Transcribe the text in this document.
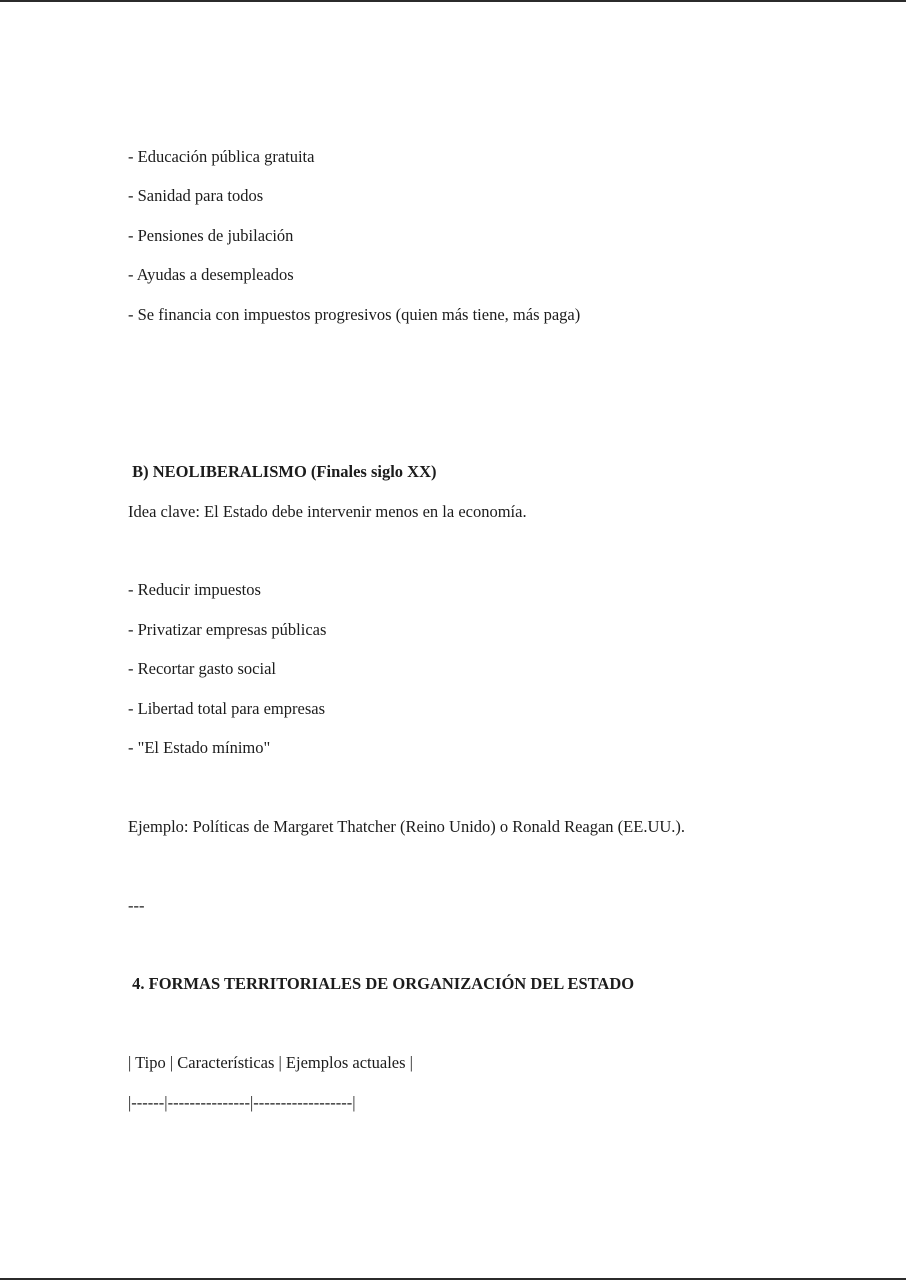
- Educación pública gratuita

- Sanidad para todos

- Pensiones de jubilación

- Ayudas a desempleados

- Se financia con impuestos progresivos (quien más tiene, más paga)

B) NEOLIBERALISMO (Finales siglo XX)

Idea clave: El Estado debe intervenir menos en la economía.

- Reducir impuestos

- Privatizar empresas públicas

- Recortar gasto social

- Libertad total para empresas

- "El Estado mínimo"

Ejemplo: Políticas de Margaret Thatcher (Reino Unido) o Ronald Reagan (EE.UU.).

---

4. FORMAS TERRITORIALES DE ORGANIZACIÓN DEL ESTADO

| Tipo | Características | Ejemplos actuales |

|------|---------------|------------------|
